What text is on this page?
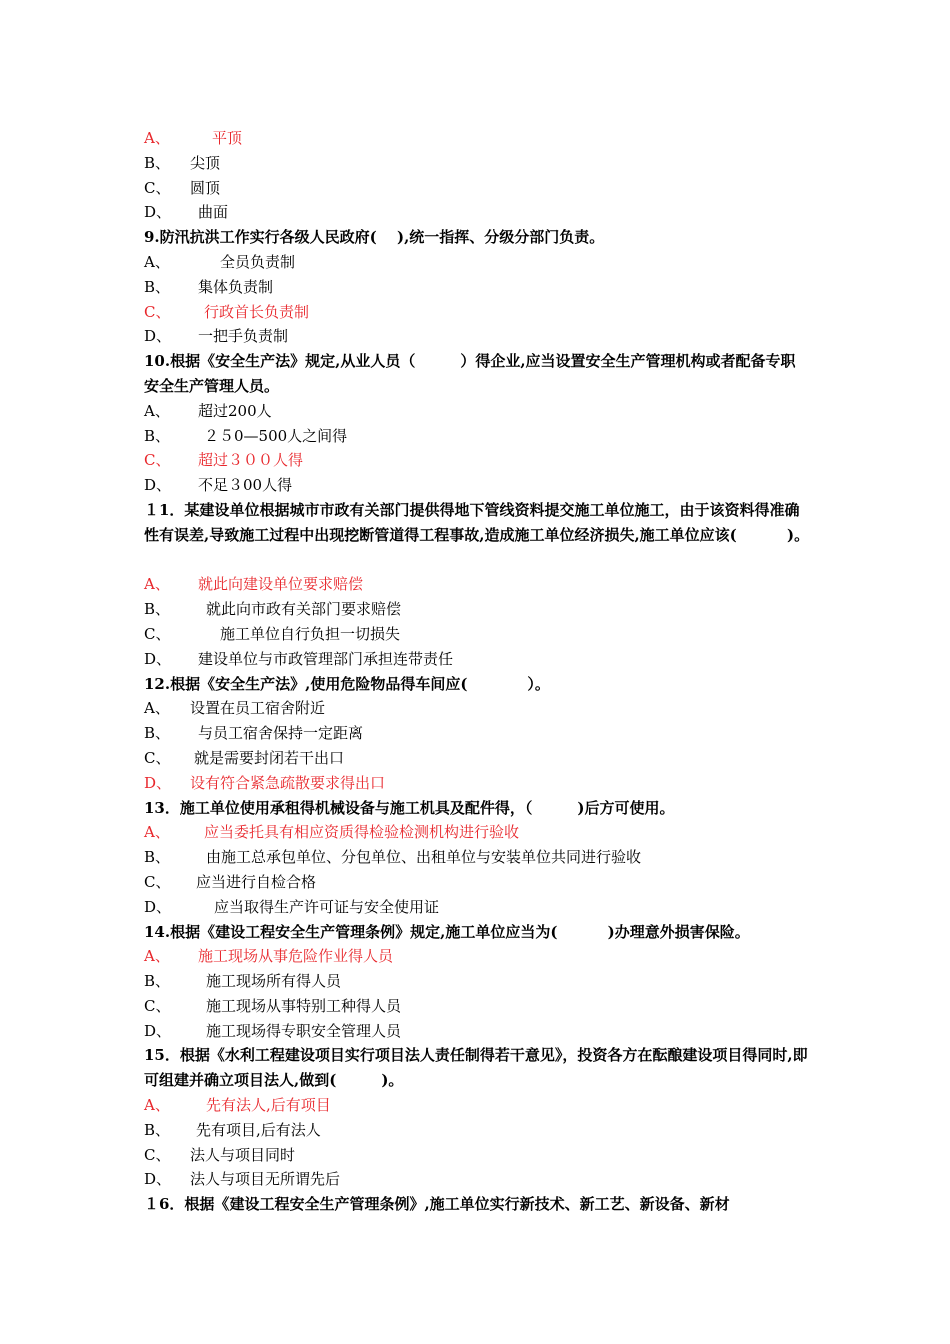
A、	平顶
B、 尖顶
C、 圆顶
D、 曲面
9.防汛抗洪工作实行各级人民政府(　 ),统一指挥、分级分部门负责。
A、	全员负责制
B、 集体负责制
C、 行政首长负责制
D、 一把手负责制
10.根据《安全生产法》规定,从业人员（　　　）得企业,应当设置安全生产管理机构或者配备专职安全生产管理人员。
A、 超过200人
B、 ２５0—500人之间得
C、 超过３００人得
D、 不足３00人得
１1．某建设单位根据城市市政有关部门提供得地下管线资料提交施工单位施工，由于该资料得准确性有误差,导致施工过程中出现挖断管道得工程事故,造成施工单位经济损失,施工单位应该(　　　 )。
A、 就此向建设单位要求赔偿
B、 就此向市政有关部门要求赔偿
C、	施工单位自行负担一切损失
D、 建设单位与市政管理部门承担连带责任
12.根据《安全生产法》,使用危险物品得车间应(　　　　）。
A、 设置在员工宿舍附近
B、 与员工宿舍保持一定距离
C、 就是需要封闭若干出口
D、 设有符合紧急疏散要求得出口
13．施工单位使用承租得机械设备与施工机具及配件得，（　　　)后方可使用。
A、 应当委托具有相应资质得检验检测机构进行验收
B、 由施工总承包单位、分包单位、出租单位与安装单位共同进行验收
C、 应当进行自检合格
D、	应当取得生产许可证与安全使用证
14.根据《建设工程安全生产管理条例》规定,施工单位应当为(　　　 )办理意外损害保险。
A、 施工现场从事危险作业得人员
B、 施工现场所有得人员
C、 施工现场从事特别工种得人员
D、 施工现场得专职安全管理人员
15．根据《水利工程建设项目实行项目法人责任制得若干意见》，投资各方在酝酿建设项目得同时,即可组建并确立项目法人,做到(　　　)。
A、 先有法人,后有项目
B、 先有项目,后有法人
C、 法人与项目同时
D、 法人与项目无所谓先后
１6．根据《建设工程安全生产管理条例》,施工单位实行新技术、新工艺、新设备、新材
